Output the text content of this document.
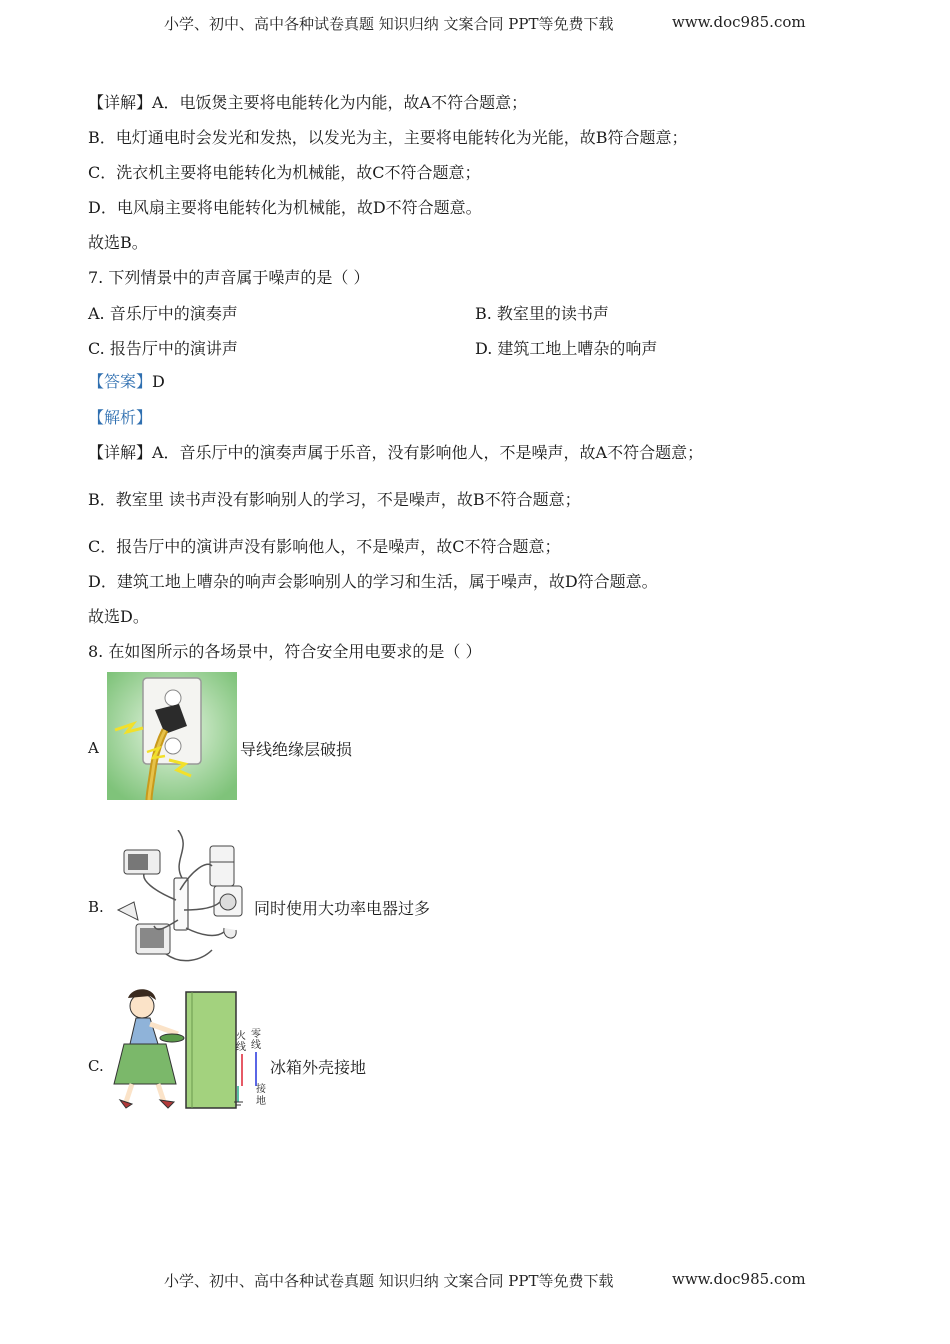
小学、初中、高中各种试卷真题 知识归纳 文案合同 PPT等免费下载	www.doc985.com
【详解】A．电饭煲主要将电能转化为内能，故A不符合题意；
B．电灯通电时会发光和发热，以发光为主，主要将电能转化为光能，故B符合题意；
C．洗衣机主要将电能转化为机械能，故C不符合题意；
D．电风扇主要将电能转化为机械能，故D不符合题意。
故选B。
7. 下列情景中的声音属于噪声的是（ ）
A. 音乐厅中的演奏声	B. 教室里的读书声
C. 报告厅中的演讲声	D. 建筑工地上嘈杂的响声
【答案】D
【解析】
【详解】A．音乐厅中的演奏声属于乐音，没有影响他人，不是噪声，故A不符合题意；
B．教室里 读书声没有影响别人的学习，不是噪声，故B不符合题意；
C．报告厅中的演讲声没有影响他人，不是噪声，故C不符合题意；
D．建筑工地上嘈杂的响声会影响别人的学习和生活，属于噪声，故D符合题意。
故选D。
8. 在如图所示的各场景中，符合安全用电要求的是（ ）
A	导线绝缘层破损
B.	同时使用大功率电器过多
C.
火
线
零
线
接
地
冰箱外壳接地
小学、初中、高中各种试卷真题 知识归纳 文案合同 PPT等免费下载	www.doc985.com
